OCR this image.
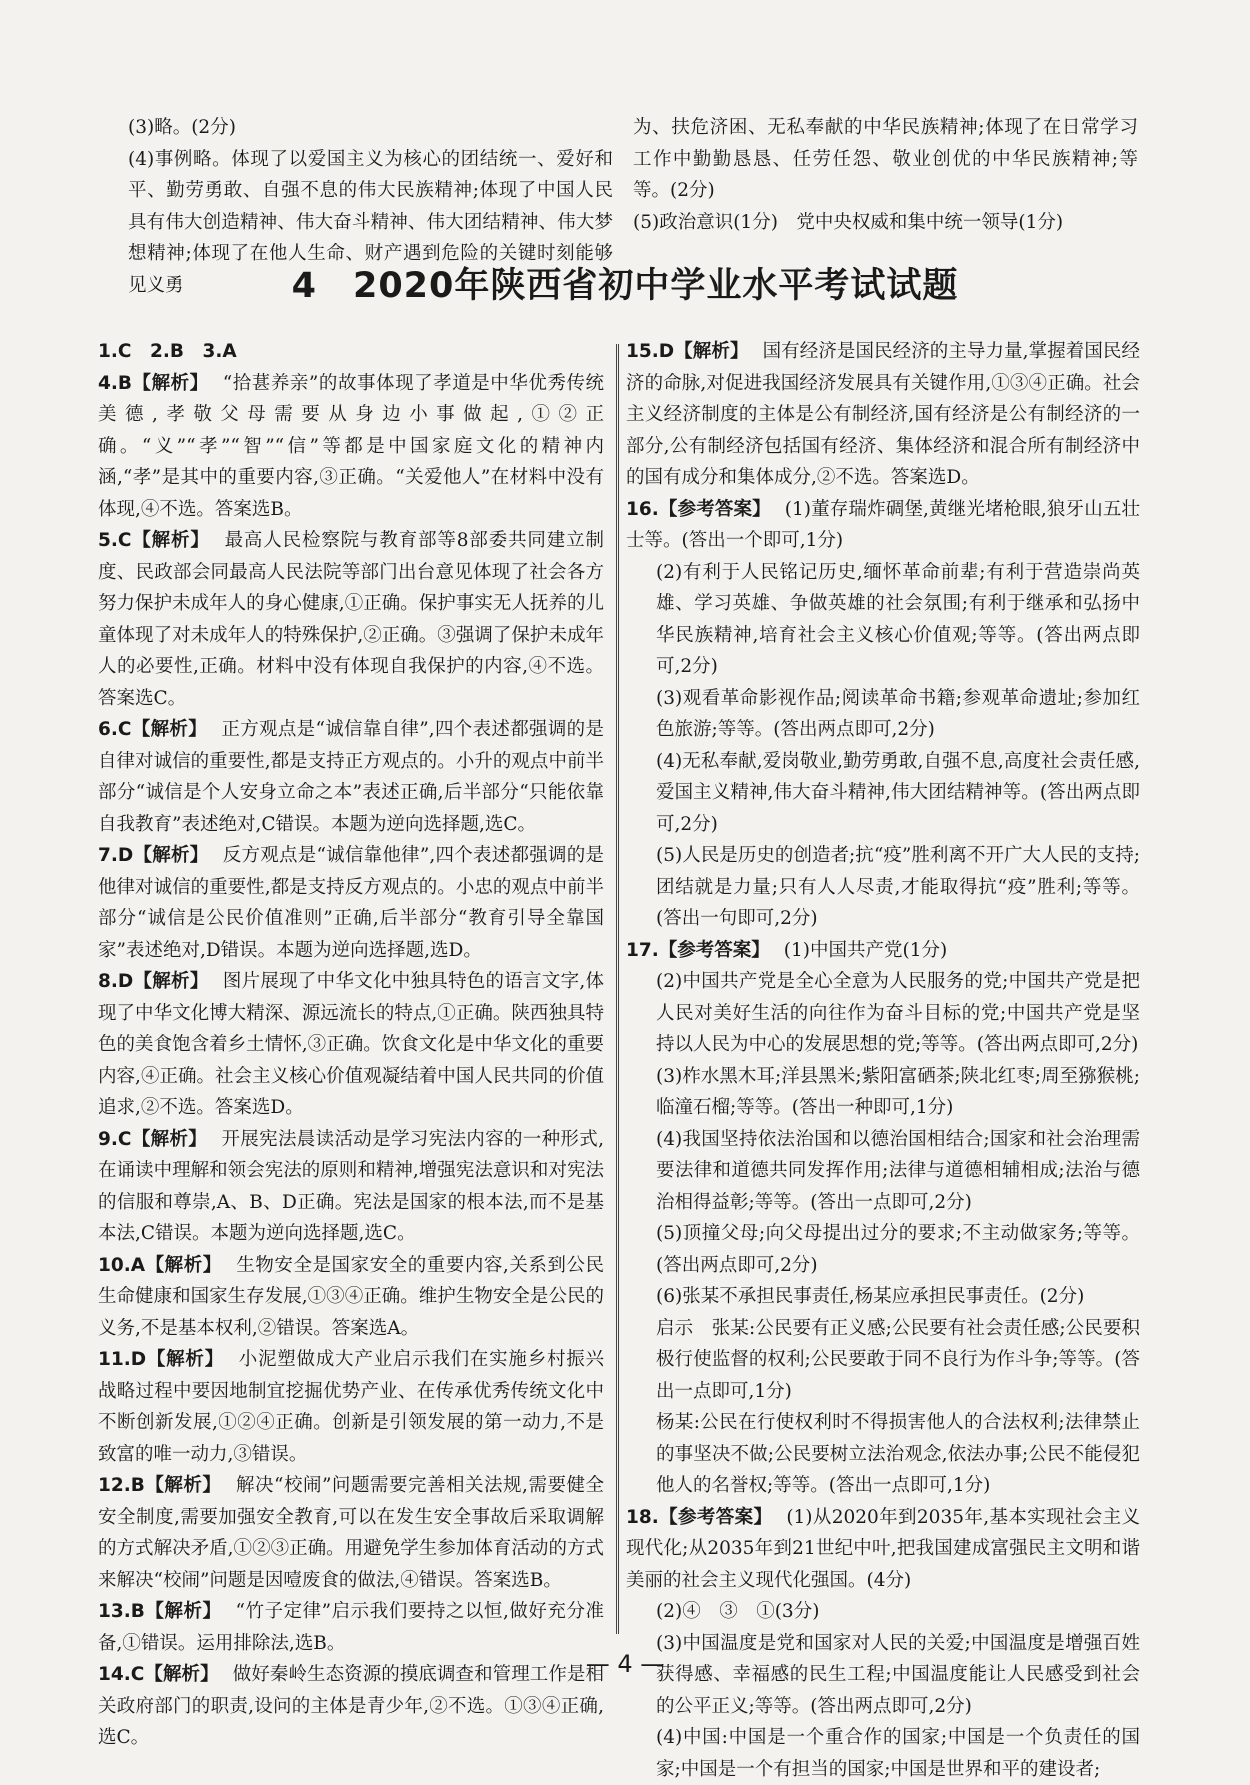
(3)略。(2分)

(4)事例略。体现了以爱国主义为核心的团结统一、爱好和平、勤劳勇敢、自强不息的伟大民族精神;体现了中国人民具有伟大创造精神、伟大奋斗精神、伟大团结精神、伟大梦想精神;体现了在他人生命、财产遇到危险的关键时刻能够见义勇

为、扶危济困、无私奉献的中华民族精神;体现了在日常学习工作中勤勤恳恳、任劳任怨、敬业创优的中华民族精神;等等。(2分)

(5)政治意识(1分)　党中央权威和集中统一领导(1分)

4 2020年陕西省初中学业水平考试试题

1.C　2.B　3.A

4.B【解析】 “拾葚养亲”的故事体现了孝道是中华优秀传统美德,孝敬父母需要从身边小事做起,①②正确。“义”“孝”“智”“信”等都是中国家庭文化的精神内涵,“孝”是其中的重要内容,③正确。“关爱他人”在材料中没有体现,④不选。答案选B。

5.C【解析】 最高人民检察院与教育部等8部委共同建立制度、民政部会同最高人民法院等部门出台意见体现了社会各方努力保护未成年人的身心健康,①正确。保护事实无人抚养的儿童体现了对未成年人的特殊保护,②正确。③强调了保护未成年人的必要性,正确。材料中没有体现自我保护的内容,④不选。答案选C。

6.C【解析】 正方观点是“诚信靠自律”,四个表述都强调的是自律对诚信的重要性,都是支持正方观点的。小升的观点中前半部分“诚信是个人安身立命之本”表述正确,后半部分“只能依靠自我教育”表述绝对,C错误。本题为逆向选择题,选C。

7.D【解析】 反方观点是“诚信靠他律”,四个表述都强调的是他律对诚信的重要性,都是支持反方观点的。小忠的观点中前半部分“诚信是公民价值准则”正确,后半部分“教育引导全靠国家”表述绝对,D错误。本题为逆向选择题,选D。

8.D【解析】 图片展现了中华文化中独具特色的语言文字,体现了中华文化博大精深、源远流长的特点,①正确。陕西独具特色的美食饱含着乡土情怀,③正确。饮食文化是中华文化的重要内容,④正确。社会主义核心价值观凝结着中国人民共同的价值追求,②不选。答案选D。

9.C【解析】 开展宪法晨读活动是学习宪法内容的一种形式,在诵读中理解和领会宪法的原则和精神,增强宪法意识和对宪法的信服和尊崇,A、B、D正确。宪法是国家的根本法,而不是基本法,C错误。本题为逆向选择题,选C。

10.A【解析】 生物安全是国家安全的重要内容,关系到公民生命健康和国家生存发展,①③④正确。维护生物安全是公民的义务,不是基本权利,②错误。答案选A。

11.D【解析】 小泥塑做成大产业启示我们在实施乡村振兴战略过程中要因地制宜挖掘优势产业、在传承优秀传统文化中不断创新发展,①②④正确。创新是引领发展的第一动力,不是致富的唯一动力,③错误。

12.B【解析】 解决“校闹”问题需要完善相关法规,需要健全安全制度,需要加强安全教育,可以在发生安全事故后采取调解的方式解决矛盾,①②③正确。用避免学生参加体育活动的方式来解决“校闹”问题是因噎废食的做法,④错误。答案选B。

13.B【解析】 “竹子定律”启示我们要持之以恒,做好充分准备,①错误。运用排除法,选B。

14.C【解析】 做好秦岭生态资源的摸底调查和管理工作是相关政府部门的职责,设问的主体是青少年,②不选。①③④正确,选C。

15.D【解析】 国有经济是国民经济的主导力量,掌握着国民经济的命脉,对促进我国经济发展具有关键作用,①③④正确。社会主义经济制度的主体是公有制经济,国有经济是公有制经济的一部分,公有制经济包括国有经济、集体经济和混合所有制经济中的国有成分和集体成分,②不选。答案选D。

16.【参考答案】 (1)董存瑞炸碉堡,黄继光堵枪眼,狼牙山五壮士等。(答出一个即可,1分)

(2)有利于人民铭记历史,缅怀革命前辈;有利于营造崇尚英雄、学习英雄、争做英雄的社会氛围;有利于继承和弘扬中华民族精神,培育社会主义核心价值观;等等。(答出两点即可,2分)

(3)观看革命影视作品;阅读革命书籍;参观革命遗址;参加红色旅游;等等。(答出两点即可,2分)

(4)无私奉献,爱岗敬业,勤劳勇敢,自强不息,高度社会责任感,爱国主义精神,伟大奋斗精神,伟大团结精神等。(答出两点即可,2分)

(5)人民是历史的创造者;抗“疫”胜利离不开广大人民的支持;团结就是力量;只有人人尽责,才能取得抗“疫”胜利;等等。(答出一句即可,2分)

17.【参考答案】 (1)中国共产党(1分)

(2)中国共产党是全心全意为人民服务的党;中国共产党是把人民对美好生活的向往作为奋斗目标的党;中国共产党是坚持以人民为中心的发展思想的党;等等。(答出两点即可,2分)

(3)柞水黑木耳;洋县黑米;紫阳富硒茶;陕北红枣;周至猕猴桃;临潼石榴;等等。(答出一种即可,1分)

(4)我国坚持依法治国和以德治国相结合;国家和社会治理需要法律和道德共同发挥作用;法律与道德相辅相成;法治与德治相得益彰;等等。(答出一点即可,2分)

(5)顶撞父母;向父母提出过分的要求;不主动做家务;等等。(答出两点即可,2分)

(6)张某不承担民事责任,杨某应承担民事责任。(2分)

启示　张某:公民要有正义感;公民要有社会责任感;公民要积极行使监督的权利;公民要敢于同不良行为作斗争;等等。(答出一点即可,1分)

杨某:公民在行使权利时不得损害他人的合法权利;法律禁止的事坚决不做;公民要树立法治观念,依法办事;公民不能侵犯他人的名誉权;等等。(答出一点即可,1分)

18.【参考答案】 (1)从2020年到2035年,基本实现社会主义现代化;从2035年到21世纪中叶,把我国建成富强民主文明和谐美丽的社会主义现代化强国。(4分)

(2)④　③　①(3分)

(3)中国温度是党和国家对人民的关爱;中国温度是增强百姓获得感、幸福感的民生工程;中国温度能让人民感受到社会的公平正义;等等。(答出两点即可,2分)

(4)中国:中国是一个重合作的国家;中国是一个负责任的国家;中国是一个有担当的国家;中国是世界和平的建设者;

— 4 —
